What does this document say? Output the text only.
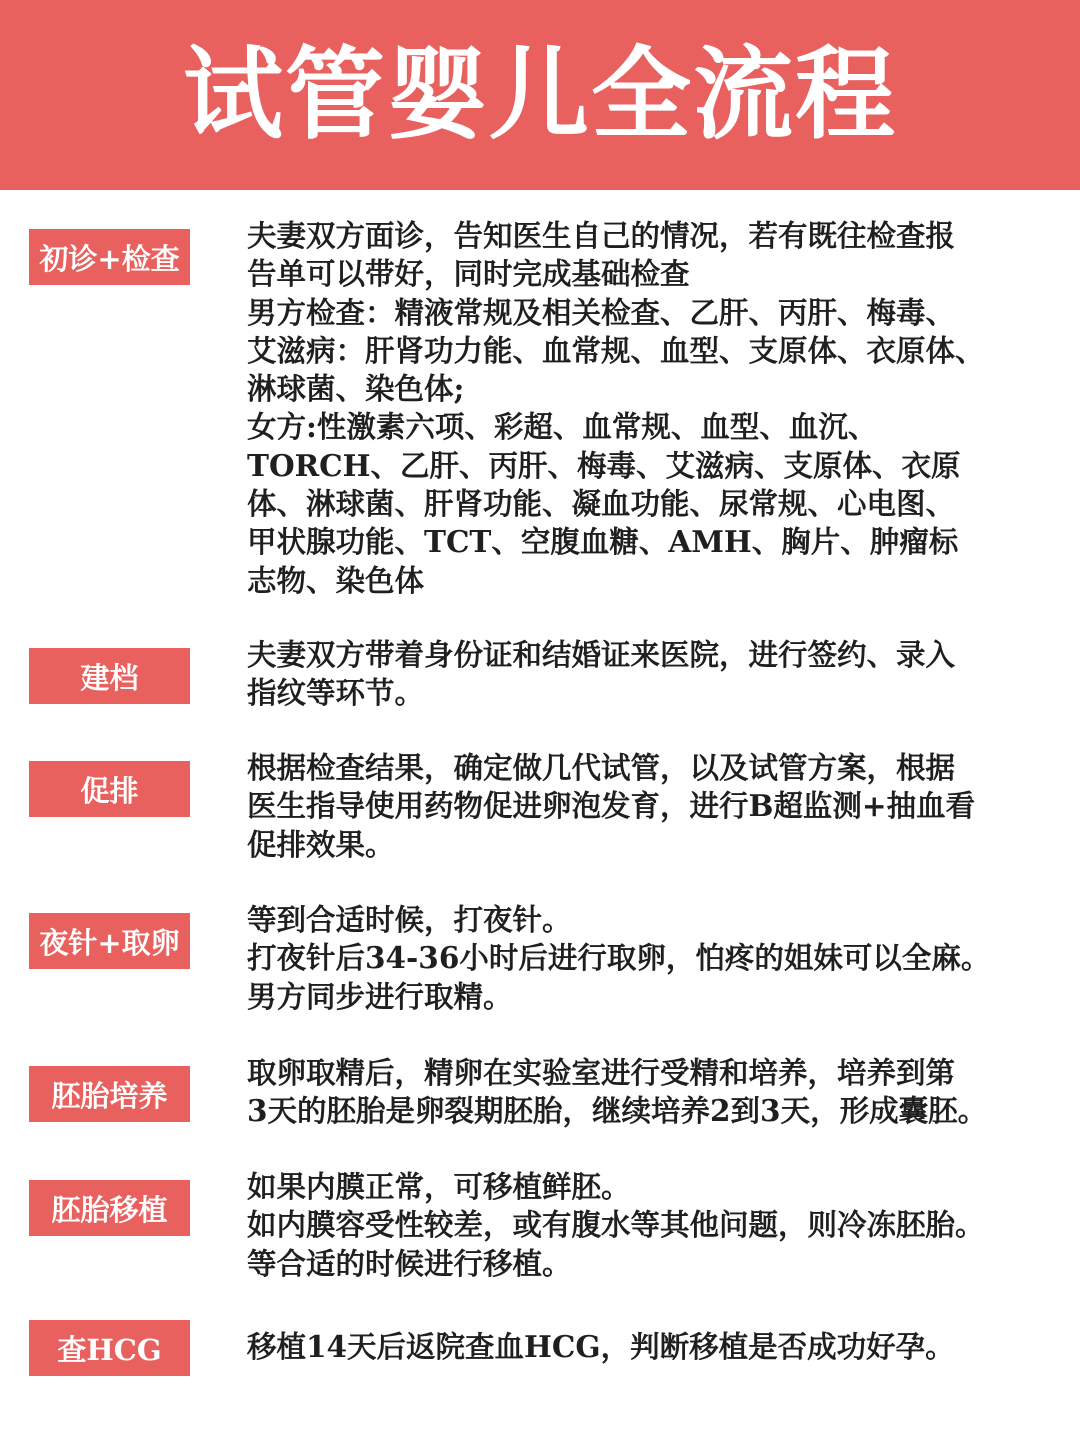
试管婴儿全流程
初诊+检查
夫妻双方面诊，告知医生自己的情况，若有既往检查报
告单可以带好，同时完成基础检查
男方检查：精液常规及相关检查、乙肝、丙肝、梅毒、
艾滋病：肝肾功力能、血常规、血型、支原体、衣原体、
淋球菌、染色体;
女方:性激素六项、彩超、血常规、血型、血沉、
TORCH、乙肝、丙肝、梅毒、艾滋病、支原体、衣原
体、淋球菌、肝肾功能、凝血功能、尿常规、心电图、
甲状腺功能、TCT、空腹血糖、AMH、胸片、肿瘤标
志物、染色体
建档
夫妻双方带着身份证和结婚证来医院，进行签约、录入
指纹等环节。
促排
根据检查结果，确定做几代试管，以及试管方案，根据
医生指导使用药物促进卵泡发育，进行B超监测+抽血看
促排效果。
夜针+取卵
等到合适时候，打夜针。
打夜针后34-36小时后进行取卵，怕疼的姐妹可以全麻。
男方同步进行取精。
胚胎培养
取卵取精后，精卵在实验室进行受精和培养，培养到第
3天的胚胎是卵裂期胚胎，继续培养2到3天，形成囊胚。
胚胎移植
如果内膜正常，可移植鲜胚。
如内膜容受性较差，或有腹水等其他问题，则冷冻胚胎。
等合适的时候进行移植。
查HCG	移植14天后返院查血HCG，判断移植是否成功好孕。
